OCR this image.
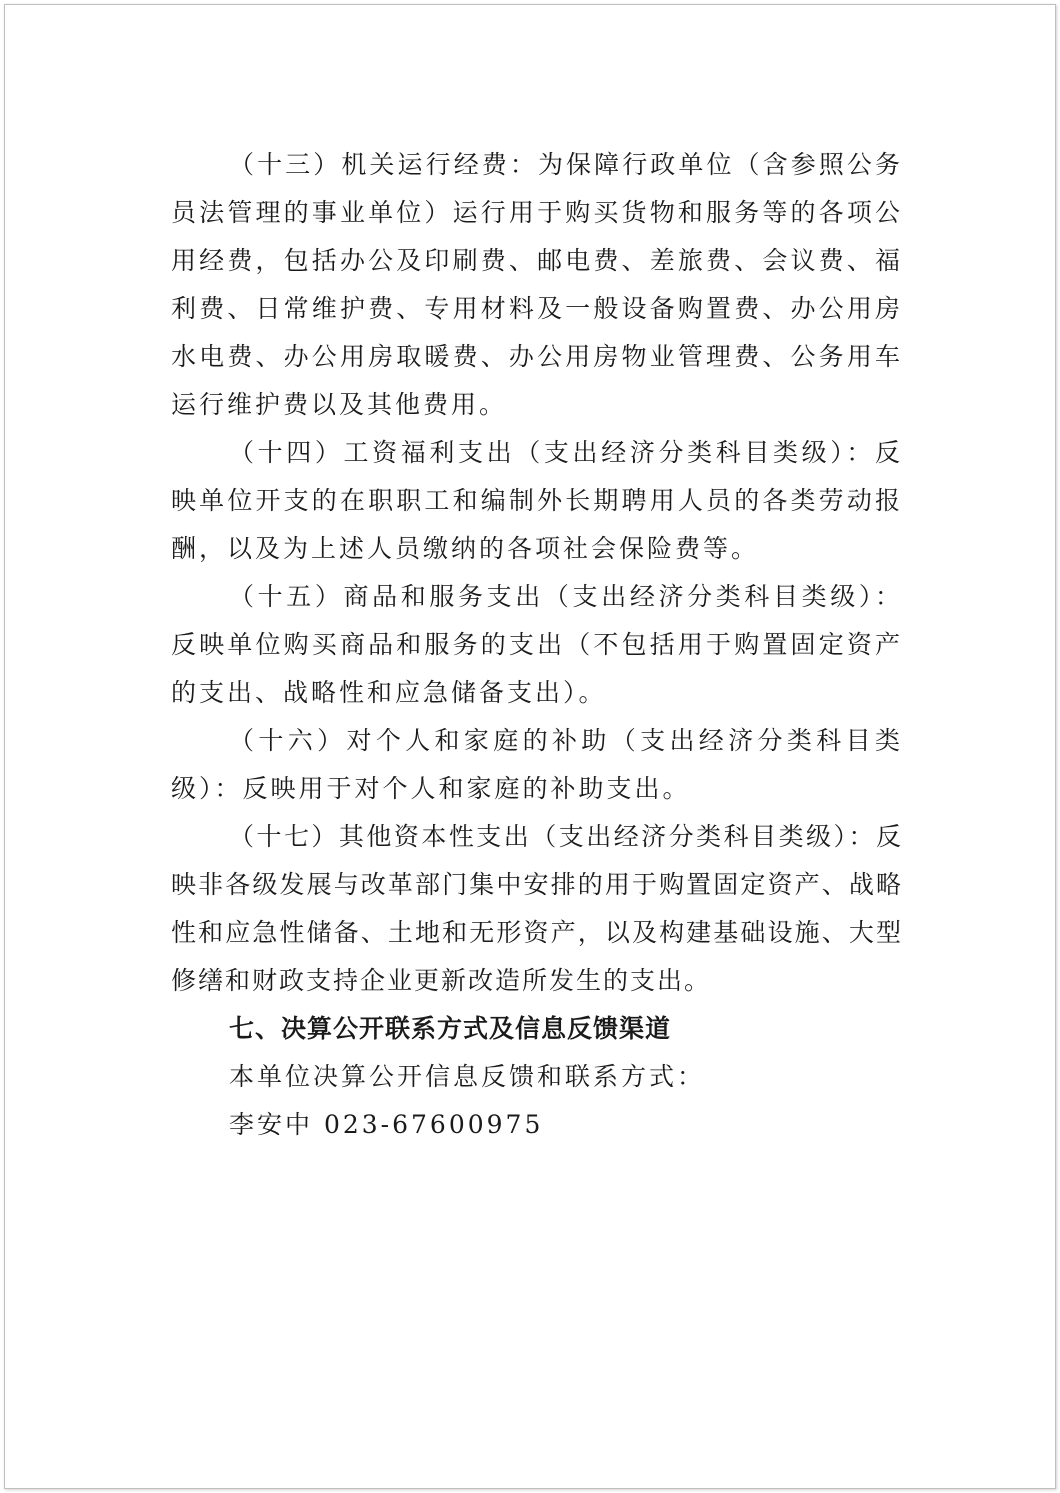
（十三）机关运行经费：为保障行政单位（含参照公务员法管理的事业单位）运行用于购买货物和服务等的各项公用经费，包括办公及印刷费、邮电费、差旅费、会议费、福利费、日常维护费、专用材料及一般设备购置费、办公用房水电费、办公用房取暖费、办公用房物业管理费、公务用车运行维护费以及其他费用。

（十四）工资福利支出（支出经济分类科目类级）：反映单位开支的在职职工和编制外长期聘用人员的各类劳动报酬，以及为上述人员缴纳的各项社会保险费等。

（十五）商品和服务支出（支出经济分类科目类级）：反映单位购买商品和服务的支出（不包括用于购置固定资产的支出、战略性和应急储备支出）。

（十六）对个人和家庭的补助（支出经济分类科目类级）：反映用于对个人和家庭的补助支出。

（十七）其他资本性支出（支出经济分类科目类级）：反映非各级发展与改革部门集中安排的用于购置固定资产、战略性和应急性储备、土地和无形资产，以及构建基础设施、大型修缮和财政支持企业更新改造所发生的支出。

七、决算公开联系方式及信息反馈渠道

本单位决算公开信息反馈和联系方式：

李安中 023-67600975
